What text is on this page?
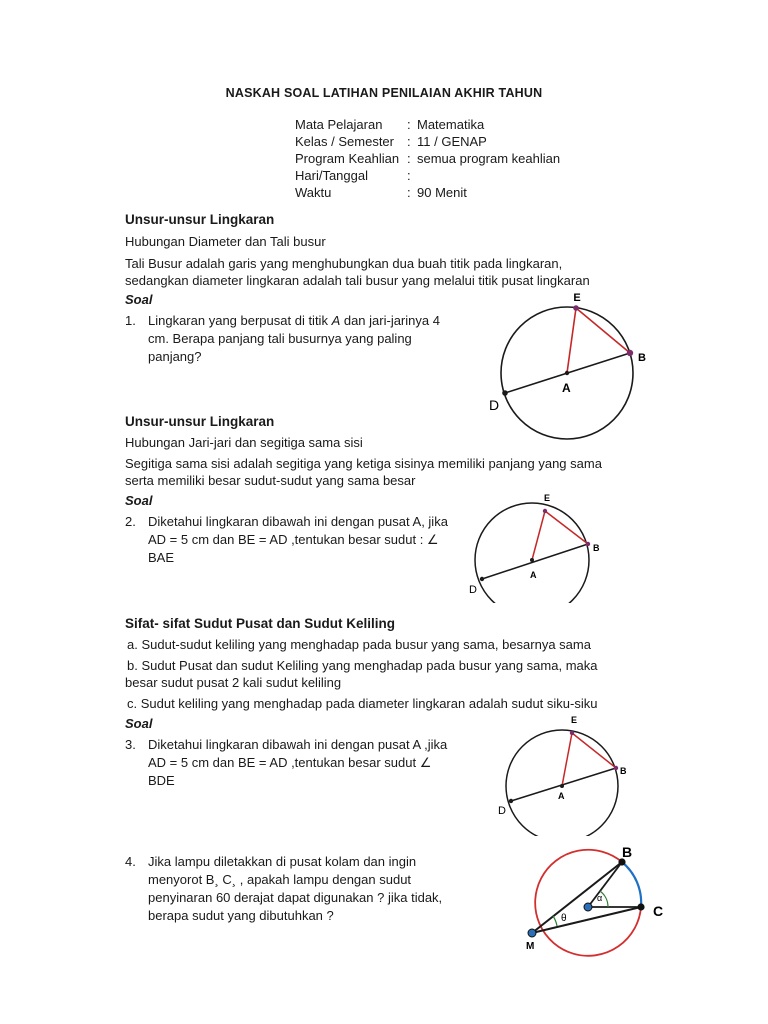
NASKAH SOAL LATIHAN PENILAIAN AKHIR TAHUN
Mata Pelajaran	: Matematika
Kelas / Semester	: 11 / GENAP
Program Keahlian : semua program keahlian
Hari/Tanggal	:
Waktu	: 90 Menit
Unsur-unsur Lingkaran
Hubungan Diameter dan Tali busur
Tali Busur adalah garis yang menghubungkan dua buah titik pada lingkaran,
sedangkan diameter lingkaran adalah tali busur yang melalui titik pusat lingkaran
Soal
1. Lingkaran yang berpusat di titik A dan jari-jarinya 4
cm. Berapa panjang tali busurnya yang paling
panjang?
E
B
A
D
Unsur-unsur Lingkaran
Hubungan Jari-jari dan segitiga sama sisi
Segitiga sama sisi adalah segitiga yang ketiga sisinya memiliki panjang yang sama
serta memiliki besar sudut-sudut yang sama besar
Soal
2. Diketahui lingkaran dibawah ini dengan pusat A, jika
AD = 5 cm dan BE = AD ,tentukan besar sudut : ∠
BAE
E
B
A
D
Sifat- sifat Sudut Pusat dan Sudut Keliling
a. Sudut-sudut keliling yang menghadap pada busur yang sama, besarnya sama
b. Sudut Pusat dan sudut Keliling yang menghadap pada busur yang sama, maka
besar sudut pusat 2 kali sudut keliling
c. Sudut keliling yang menghadap pada diameter lingkaran adalah sudut siku-siku
Soal
3. Diketahui lingkaran dibawah ini dengan pusat A ,jika
AD = 5 cm dan BE = AD ,tentukan besar sudut ∠
BDE
E
B
A
D
4. Jika lampu diletakkan di pusat kolam dan ingin
menyorot B¸ C¸ , apakah lampu dengan sudut
penyinaran 60 derajat dapat digunakan ? jika tidak,
berapa sudut yang dibutuhkan ?
B
C
M
α
θ
